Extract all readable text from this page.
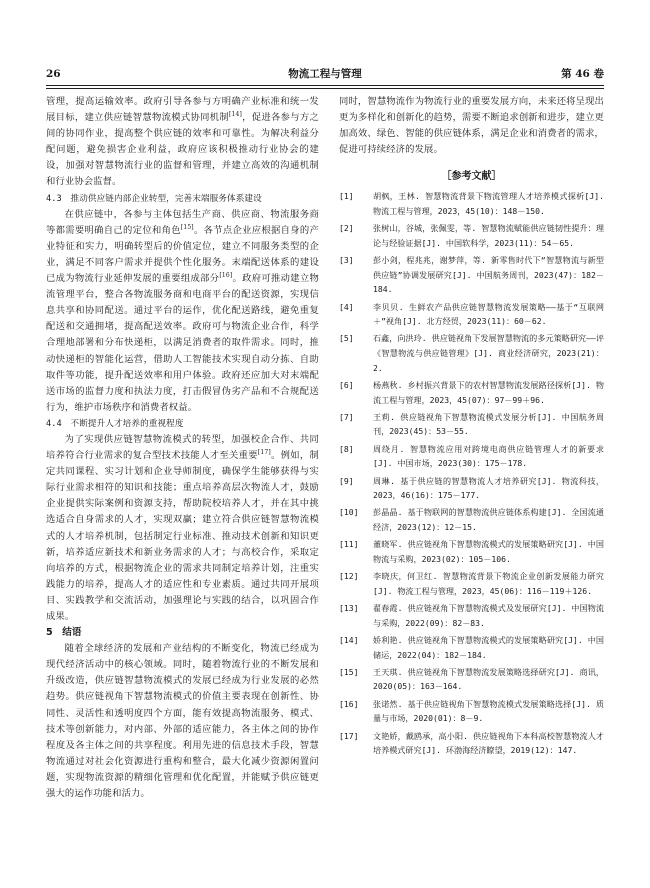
26	物流工程与管理	第 46 卷

管理，提高运输效率。政府引导各参与方明确产业标准和统一发展目标，建立供应链智慧物流模式协同机制[14]，促进各参与方之间的协同作业，提高整个供应链的效率和可靠性。为解决利益分配问题，避免损害企业利益，政府应该积极推动行业协会的建设，加强对智慧物流行业的监督和管理，并建立高效的沟通机制和行业协会监督。

4.3　推动供应链内部企业转型，完善末端服务体系建设

在供应链中，各参与主体包括生产商、供应商、物流服务商等都需要明确自己的定位和角色[15]。各节点企业应根据自身的产业特征和实力，明确转型后的价值定位，建立不同服务类型的企业，满足不同客户需求并提供个性化服务。末端配送体系的建设已成为物流行业延伸发展的重要组成部分[16]。政府可推动建立物流管理平台，整合各物流服务商和电商平台的配送资源，实现信息共享和协同配送。通过平台的运作，优化配送路线，避免重复配送和交通拥堵，提高配送效率。政府可与物流企业合作，科学合理地部署和分布快递柜，以满足消费者的取件需求。同时，推动快递柜的智能化运营，借助人工智能技术实现自动分拣、自助取件等功能，提升配送效率和用户体验。政府还应加大对末端配送市场的监督力度和执法力度，打击假冒伪劣产品和不合规配送行为，维护市场秩序和消费者权益。

4.4　不断提升人才培养的重视程度

为了实现供应链智慧物流模式的转型，加强校企合作、共同培养符合行业需求的复合型技术技能人才至关重要[17]。例如，制定共同课程、实习计划和企业导师制度，确保学生能够获得与实际行业需求相符的知识和技能；重点培养高层次物流人才，鼓励企业提供实际案例和资源支持，帮助院校培养人才，并在其中挑选适合自身需求的人才，实现双赢；建立符合供应链智慧物流模式的人才培养机制，包括制定行业标准、推动技术创新和知识更新，培养适应新技术和新业务需求的人才；与高校合作，采取定向培养的方式，根据物流企业的需求共同制定培养计划，注重实践能力的培养，提高人才的适应性和专业素质。通过共同开展项目、实践教学和交流活动，加强理论与实践的结合，以巩固合作成果。

5　结语

随着全球经济的发展和产业结构的不断变化，物流已经成为现代经济活动中的核心领域。同时，随着物流行业的不断发展和升级改造，供应链智慧物流模式的发展已经成为行业发展的必然趋势。供应链视角下智慧物流模式的价值主要表现在创新性、协同性、灵活性和透明度四个方面，能有效提高物流服务、模式、技术等创新能力，对内部、外部的适应能力，各主体之间的协作程度及各主体之间的共享程度。利用先进的信息技术手段，智慧物流通过对社会化资源进行重构和整合，最大化减少资源闲置问题，实现物流资源的精细化管理和优化配置，并能赋予供应链更强大的运作功能和活力。

同时，智慧物流作为物流行业的重要发展方向，未来还将呈现出更为多样化和创新化的趋势，需要不断追求创新和进步，建立更加高效、绿色、智能的供应链体系，满足企业和消费者的需求，促进可持续经济的发展。

［参考文献］
[1]	胡枫，王林. 智慧物流背景下物流管理人才培养模式探析[J]. 物流工程与管理，2023，45(10)：148－150.
[2]	张树山，谷城，张佩雯，等. 智慧物流赋能供应链韧性提升：理论与经验证据[J]. 中国软科学，2023(11)：54－65.
[3]	彭小剑，程兆兆，谢梦萍，等. 新零售时代下“智慧物流与新型供应链”协调发展研究[J]. 中国航务周刊，2023(47)：182－184.
[4]	李贝贝. 生鲜农产品供应链智慧物流发展策略——基于“互联网＋”视角[J]. 北方经贸，2023(11)：60－62.
[5]	石鑫，向洪玲. 供应链视角下发展智慧物流的多元策略研究——评《智慧物流与供应链管理》[J]. 商业经济研究，2023(21)：2.
[6]	杨燕秋. 乡村振兴背景下的农村智慧物流发展路径探析[J]. 物流工程与管理，2023，45(07)：97－99＋96.
[7]	王莉. 供应链视角下智慧物流模式发展分析[J]. 中国航务周刊，2023(45)：53－55.
[8]	周绕月. 智慧物流应用对跨境电商供应链管理人才的新要求[J]. 中国市场，2023(30)：175－178.
[9]	周琳. 基于供应链的智慧物流人才培养研究[J]. 物流科技，2023，46(16)：175－177.
[10]	彭晶晶. 基于物联网的智慧物流供应链体系构建[J]. 全国流通经济，2023(12)：12－15.
[11]	董晓军. 供应链视角下智慧物流模式的发展策略研究[J]. 中国物流与采购，2023(02)：105－106.
[12]	李晓庆，何卫红. 智慧物流背景下物流企业创新发展能力研究[J]. 物流工程与管理，2023，45(06)：116－119＋126.
[13]	翟春霞. 供应链视角下智慧物流模式及发展研究[J]. 中国物流与采购，2022(09)：82－83.
[14]	娇利艳. 供应链视角下智慧物流模式的发展策略研究[J]. 中国储运，2022(04)：182－184.
[15]	王天琪. 供应链视角下智慧物流发展策略选择研究[J]. 商讯，2020(05)：163－164.
[16]	张诺然. 基于供应链视角下智慧物流模式发展策略选择[J]. 质量与市场，2020(01)：8－9.
[17]	文艳娇，戴鸥承，高小阳. 供应链视角下本科高校智慧物流人才培养模式研究[J]. 环渤海经济瞭望，2019(12)：147.
